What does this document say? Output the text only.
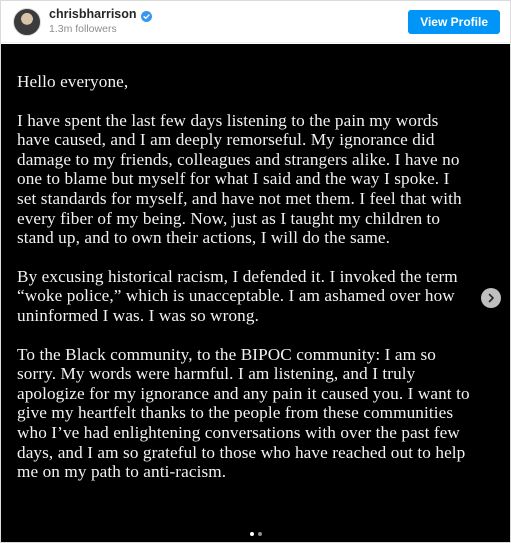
chrisbharrison
1.3m followers
View Profile

Hello everyone,

I have spent the last few days listening to the pain my words
have caused, and I am deeply remorseful. My ignorance did
damage to my friends, colleagues and strangers alike. I have no
one to blame but myself for what I said and the way I spoke. I
set standards for myself, and have not met them. I feel that with
every fiber of my being. Now, just as I taught my children to
stand up, and to own their actions, I will do the same.

By excusing historical racism, I defended it. I invoked the term
“woke police,” which is unacceptable. I am ashamed over how
uninformed I was. I was so wrong.

To the Black community, to the BIPOC community: I am so
sorry. My words were harmful. I am listening, and I truly
apologize for my ignorance and any pain it caused you. I want to
give my heartfelt thanks to the people from these communities
who I’ve had enlightening conversations with over the past few
days, and I am so grateful to those who have reached out to help
me on my path to anti-racism.
